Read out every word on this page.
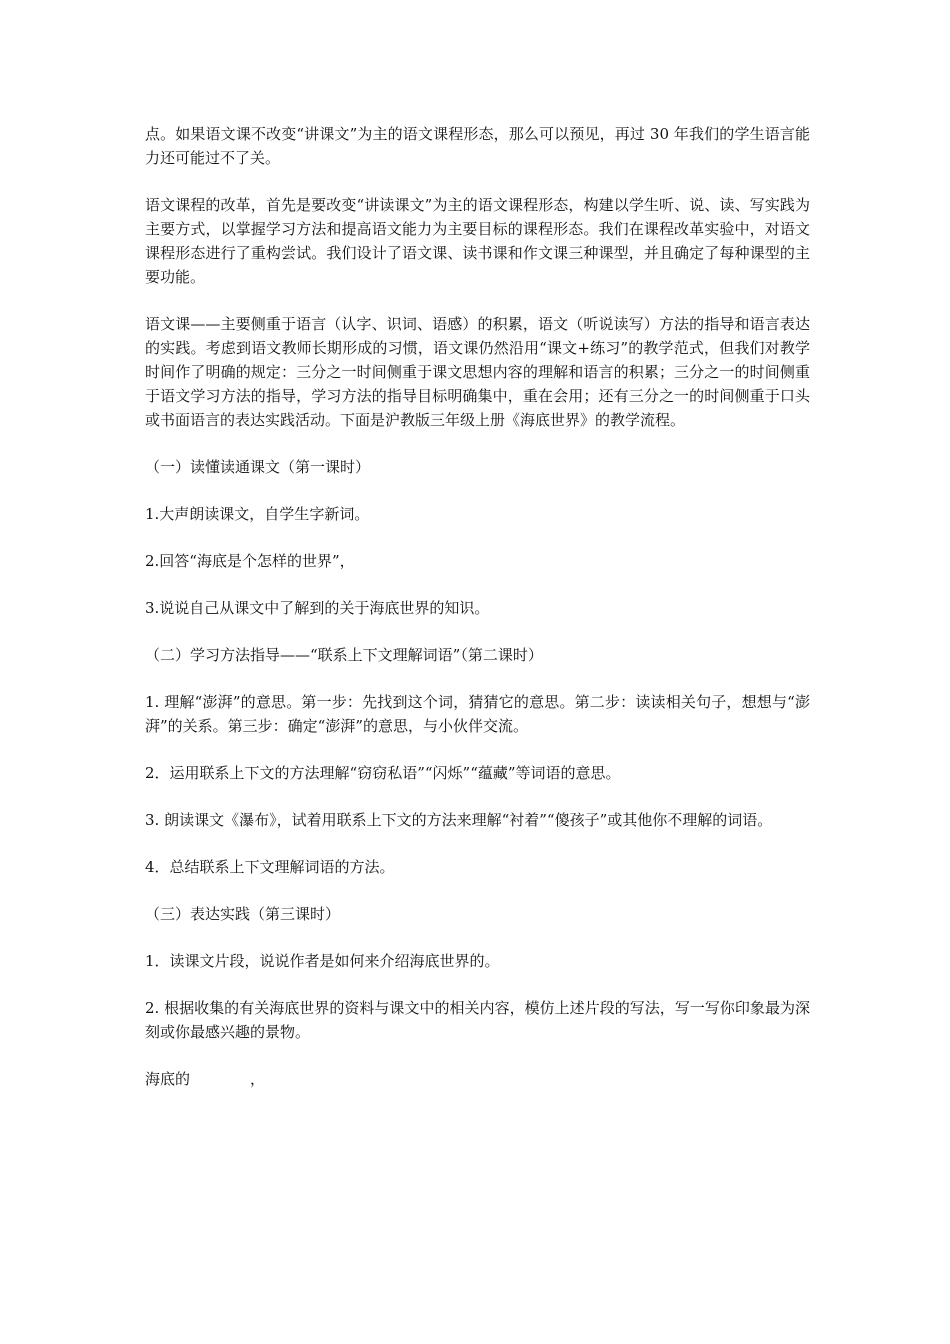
点。如果语文课不改变“讲课文”为主的语文课程形态，那么可以预见，再过 30 年我们的学生语言能力还可能过不了关。

语文课程的改革，首先是要改变“讲读课文”为主的语文课程形态，构建以学生听、说、读、写实践为主要方式，以掌握学习方法和提高语文能力为主要目标的课程形态。我们在课程改革实验中，对语文课程形态进行了重构尝试。我们设计了语文课、读书课和作文课三种课型，并且确定了每种课型的主要功能。

语文课——主要侧重于语言（认字、识词、语感）的积累，语文（听说读写）方法的指导和语言表达的实践。考虑到语文教师长期形成的习惯，语文课仍然沿用“课文+练习”的教学范式，但我们对教学时间作了明确的规定：三分之一时间侧重于课文思想内容的理解和语言的积累；三分之一的时间侧重于语文学习方法的指导，学习方法的指导目标明确集中，重在会用；还有三分之一的时间侧重于口头或书面语言的表达实践活动。下面是沪教版三年级上册《海底世界》的教学流程。

（一）读懂读通课文（第一课时）

1.大声朗读课文，自学生字新词。

2.回答“海底是个怎样的世界”，

3.说说自己从课文中了解到的关于海底世界的知识。

（二）学习方法指导——“联系上下文理解词语”（第二课时）

1. 理解“澎湃”的意思。第一步：先找到这个词，猜猜它的意思。第二步：读读相关句子，想想与“澎湃”的关系。第三步：确定“澎湃”的意思，与小伙伴交流。

2．运用联系上下文的方法理解“窃窃私语”“闪烁”“蕴藏”等词语的意思。

3. 朗读课文《瀑布》，试着用联系上下文的方法来理解“衬着”“傻孩子”或其他你不理解的词语。

4．总结联系上下文理解词语的方法。

（三）表达实践（第三课时）

1．读课文片段，说说作者是如何来介绍海底世界的。

2. 根据收集的有关海底世界的资料与课文中的相关内容，模仿上述片段的写法，写一写你印象最为深刻或你最感兴趣的景物。

海底的　　　　，
